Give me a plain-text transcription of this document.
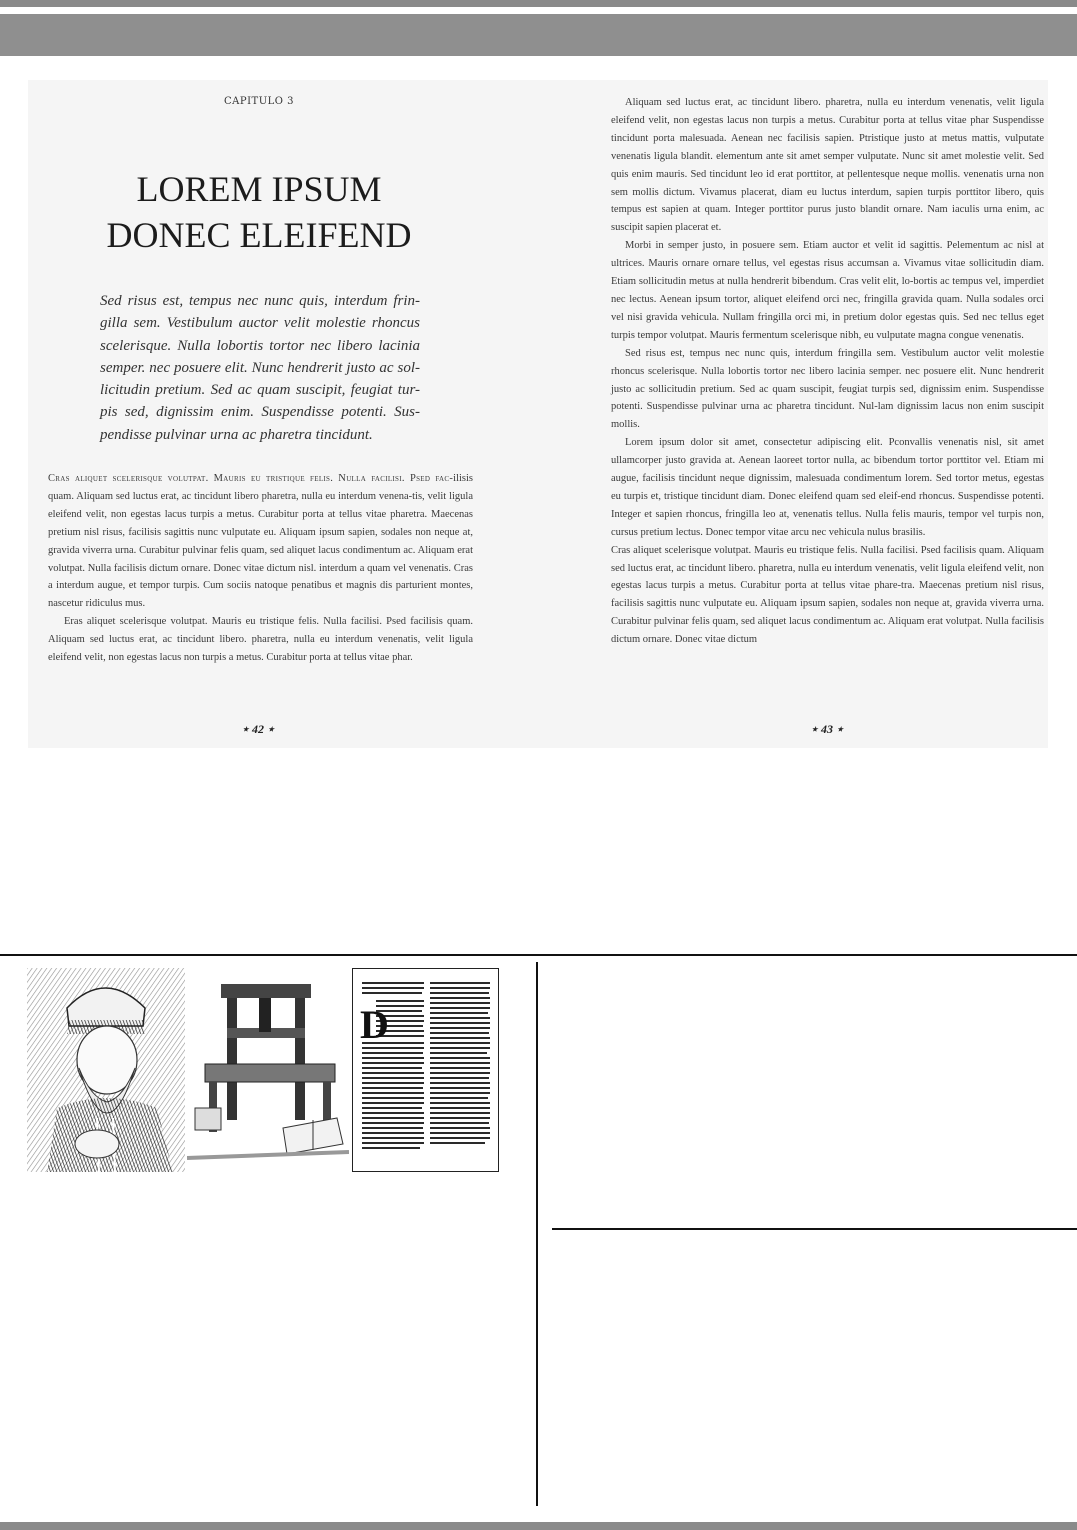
CAPITULO 3
LOREM IPSUM
DONEC ELEIFEND
Sed risus est, tempus nec nunc quis, interdum frin-gilla sem. Vestibulum auctor velit molestie rhoncus scelerisque. Nulla lobortis tortor nec libero lacinia semper. nec posuere elit. Nunc hendrerit justo ac sol-licitudin pretium. Sed ac quam suscipit, feugiat tur-pis sed, dignissim enim. Suspendisse potenti. Sus-pendisse pulvinar urna ac pharetra tincidunt.

Cras aliquet scelerisque volutpat. Mauris eu tristique felis. Nulla facilisi. Psed fac-ilisis quam. Aliquam sed luctus erat, ac tincidunt libero pharetra, nulla eu interdum venena-tis, velit ligula eleifend velit, non egestas lacus turpis a metus. Curabitur porta at tellus vitae pharetra. Maecenas pretium nisl risus, facilisis sagittis nunc vulputate eu. Aliquam ipsum sapien, sodales non neque at, gravida viverra urna. Curabitur pulvinar felis quam, sed aliquet lacus condimentum ac. Aliquam erat volutpat. Nulla facilisis dictum ornare. Donec vitae dictum nisl. interdum a quam vel venenatis. Cras a interdum augue, et tempor turpis. Cum sociis natoque penatibus et magnis dis parturient montes, nascetur ridiculus mus.

Eras aliquet scelerisque volutpat. Mauris eu tristique felis. Nulla facilisi. Psed facilisis quam. Aliquam sed luctus erat, ac tincidunt libero. pharetra, nulla eu interdum venenatis, velit ligula eleifend velit, non egestas lacus non turpis a metus. Curabitur porta at tellus vitae phar.

⋆ 42 ⋆

Aliquam sed luctus erat, ac tincidunt libero. pharetra, nulla eu interdum venenatis, velit ligula eleifend velit, non egestas lacus non turpis a metus. Curabitur porta at tellus vitae phar Suspendisse tincidunt porta malesuada. Aenean nec facilisis sapien. Ptristique justo at metus mattis, vulputate venenatis ligula blandit. elementum ante sit amet semper vulputate. Nunc sit amet molestie velit. Sed quis enim mauris. Sed tincidunt leo id erat porttitor, at pellentesque neque mollis. venenatis urna non sem mollis dictum. Vivamus placerat, diam eu luctus interdum, sapien turpis porttitor libero, quis tempus est sapien at quam. Integer porttitor purus justo blandit ornare. Nam iaculis urna enim, ac suscipit sapien placerat et.

Morbi in semper justo, in posuere sem. Etiam auctor et velit id sagittis. Pelementum ac nisl at ultrices. Mauris ornare ornare tellus, vel egestas risus accumsan a. Vivamus vitae sollicitudin diam. Etiam sollicitudin metus at nulla hendrerit bibendum. Cras velit elit, lo-bortis ac tempus vel, imperdiet nec lectus. Aenean ipsum tortor, aliquet eleifend orci nec, fringilla gravida quam. Nulla sodales orci vel nisi gravida vehicula. Nullam fringilla orci mi, in pretium dolor egestas quis. Sed nec tellus eget turpis tempor volutpat. Mauris fermentum scelerisque nibh, eu vulputate magna congue venenatis.

Sed risus est, tempus nec nunc quis, interdum fringilla sem. Vestibulum auctor velit molestie rhoncus scelerisque. Nulla lobortis tortor nec libero lacinia semper. nec posuere elit. Nunc hendrerit justo ac sollicitudin pretium. Sed ac quam suscipit, feugiat turpis sed, dignissim enim. Suspendisse potenti. Suspendisse pulvinar urna ac pharetra tincidunt. Nul-lam dignissim lacus non enim suscipit mollis.

Lorem ipsum dolor sit amet, consectetur adipiscing elit. Pconvallis venenatis nisl, sit amet ullamcorper justo gravida at. Aenean laoreet tortor nulla, ac bibendum tortor porttitor vel. Etiam mi augue, facilisis tincidunt neque dignissim, malesuada condimentum lorem. Sed tortor metus, egestas eu turpis et, tristique tincidunt diam. Donec eleifend quam sed eleif-end rhoncus. Suspendisse potenti. Integer et sapien rhoncus, fringilla leo at, venenatis tellus. Nulla felis mauris, tempor vel turpis non, cursus pretium lectus. Donec tempor vitae arcu nec vehicula nulus brasilis.

Cras aliquet scelerisque volutpat. Mauris eu tristique felis. Nulla facilisi. Psed facilisis quam. Aliquam sed luctus erat, ac tincidunt libero. pharetra, nulla eu interdum venenatis, velit ligula eleifend velit, non egestas lacus turpis a metus. Curabitur porta at tellus vitae phare-tra. Maecenas pretium nisl risus, facilisis sagittis nunc vulputate eu. Aliquam ipsum sapien, sodales non neque at, gravida viverra urna. Curabitur pulvinar felis quam, sed aliquet lacus condimentum ac. Aliquam erat volutpat. Nulla facilisis dictum ornare. Donec vitae dictum

⋆ 43 ⋆
D
